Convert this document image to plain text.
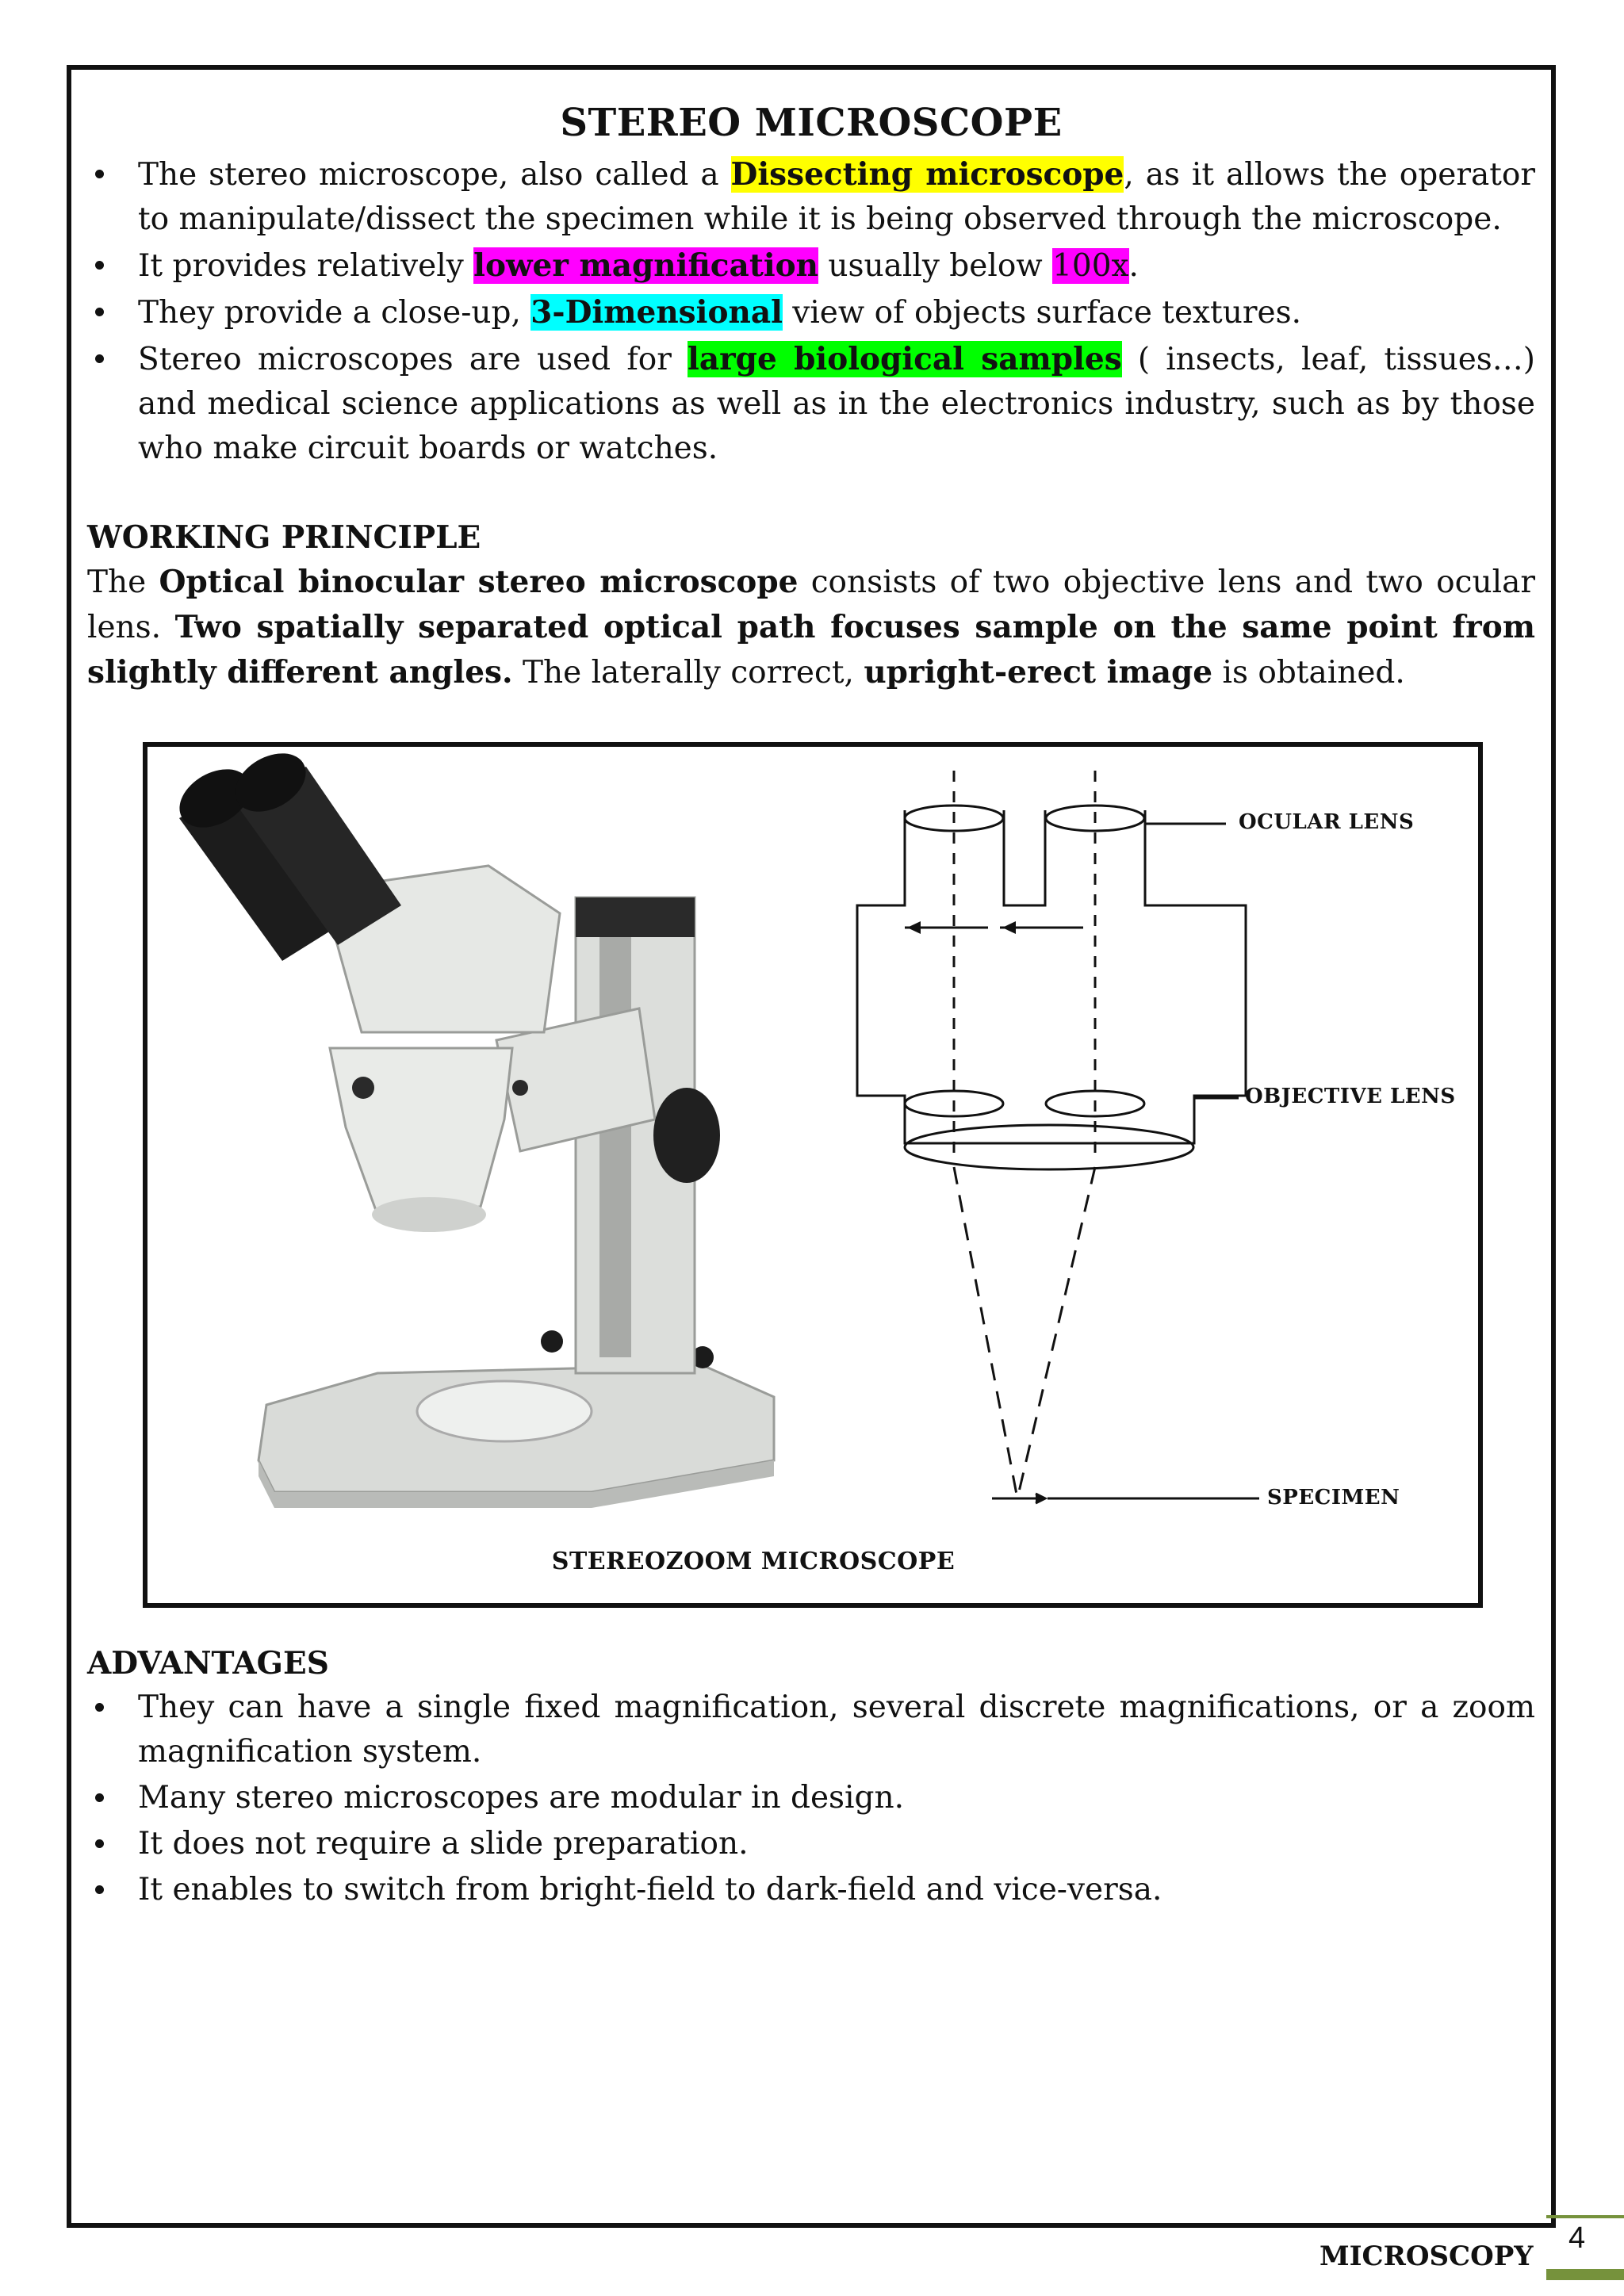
STEREO MICROSCOPE
The stereo microscope, also called a Dissecting microscope, as it allows the operator to manipulate/dissect the specimen while it is being observed through the microscope.
It provides relatively lower magnification usually below 100x.
They provide a close-up, 3-Dimensional view of objects surface textures.
Stereo microscopes are used for large biological samples ( insects, leaf, tissues…) and medical science applications as well as in the electronics industry, such as by those who make circuit boards or watches.
WORKING PRINCIPLE

The Optical binocular stereo microscope consists of two objective lens and two ocular lens. Two spatially separated optical path focuses sample on the same point from slightly different angles. The laterally correct, upright-erect image is obtained.

OCULAR LENS
OBJECTIVE LENS
SPECIMEN
STEREOZOOM MICROSCOPE
ADVANTAGES
They can have a single fixed magnification, several discrete magnifications, or a zoom magnification system.
Many stereo microscopes are modular in design.
It does not require a slide preparation.
It enables to switch from bright-field to dark-field and vice-versa.
4
MICROSCOPY
